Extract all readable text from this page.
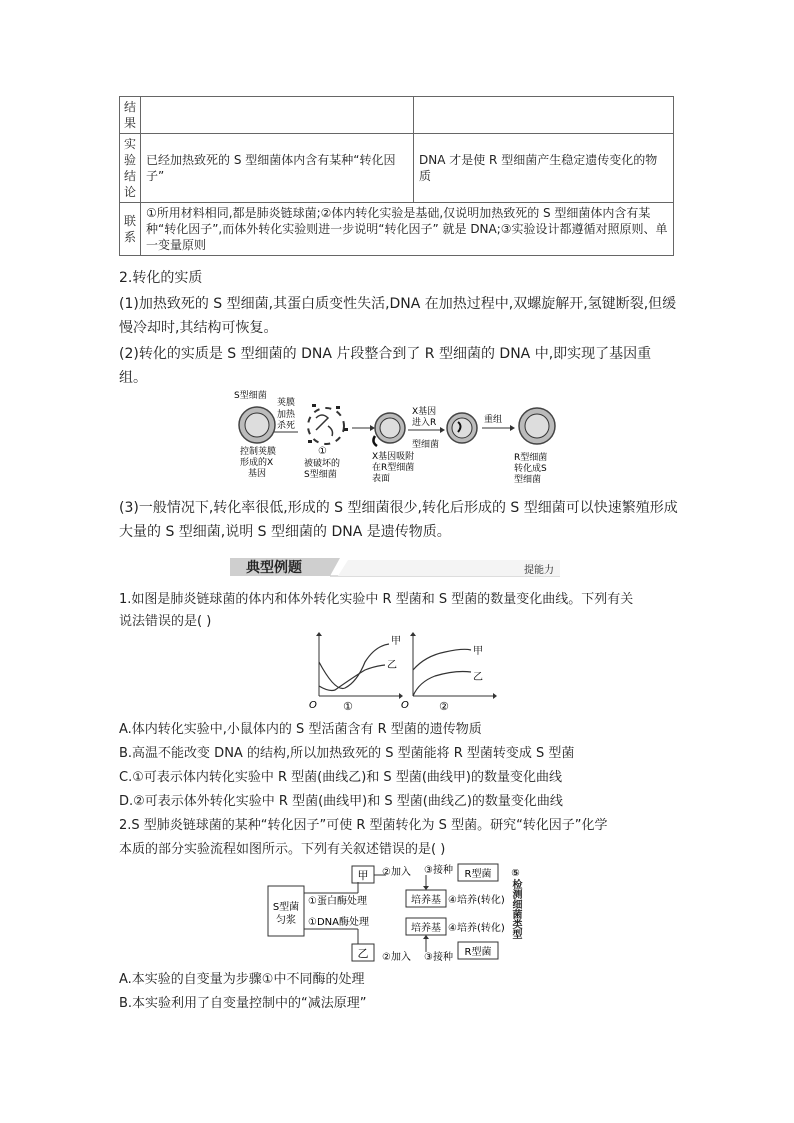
结果		
实验结论	已经加热致死的 S 型细菌体内含有某种“转化因子”	DNA 才是使 R 型细菌产生稳定遗传变化的物质
联系	①所用材料相同,都是肺炎链球菌;②体内转化实验是基础,仅说明加热致死的 S 型细菌体内含有某种“转化因子”,而体外转化实验则进一步说明“转化因子” 就是 DNA;③实验设计都遵循对照原则、单一变量原则	
2.转化的实质
(1)加热致死的 S 型细菌,其蛋白质变性失活,DNA 在加热过程中,双螺旋解开,氢键断裂,但缓慢冷却时,其结构可恢复。
(2)转化的实质是 S 型细菌的 DNA 片段整合到了 R 型细菌的 DNA 中,即实现了基因重组。
S型细菌
荚膜
加热
杀死
控制荚膜
形成的X
基因
被破坏的
S型细菌
①	X基因吸附
在R型细菌
表面
X基因
进入R
型细菌
重组
R型细菌
转化成S
型细菌
(3)一般情况下,转化率很低,形成的 S 型细菌很少,转化后形成的 S 型细菌可以快速繁殖形成大量的 S 型细菌,说明 S 型细菌的 DNA 是遗传物质。
典型例题	提能力
1.如图是肺炎链球菌的体内和体外转化实验中 R 型菌和 S 型菌的数量变化曲线。下列有关
说法错误的是( )
甲
乙
O ①
甲
乙
O	②
A.体内转化实验中,小鼠体内的 S 型活菌含有 R 型菌的遗传物质
B.高温不能改变 DNA 的结构,所以加热致死的 S 型菌能将 R 型菌转变成 S 型菌
C.①可表示体内转化实验中 R 型菌(曲线乙)和 S 型菌(曲线甲)的数量变化曲线
D.②可表示体外转化实验中 R 型菌(曲线甲)和 S 型菌(曲线乙)的数量变化曲线
2.S 型肺炎链球菌的某种“转化因子”可使 R 型菌转化为 S 型菌。研究“转化因子”化学
本质的部分实验流程如图所示。下列有关叙述错误的是( )
S型菌
匀浆
①蛋白酶处理
①DNA酶处理
甲
乙
②加入
②加入
培养基
培养基
③接种
③接种
R型菌
R型菌
④培养(转化)
④培养(转化) ⑤检测细菌类型
A.本实验的自变量为步骤①中不同酶的处理
B.本实验利用了自变量控制中的“减法原理”
